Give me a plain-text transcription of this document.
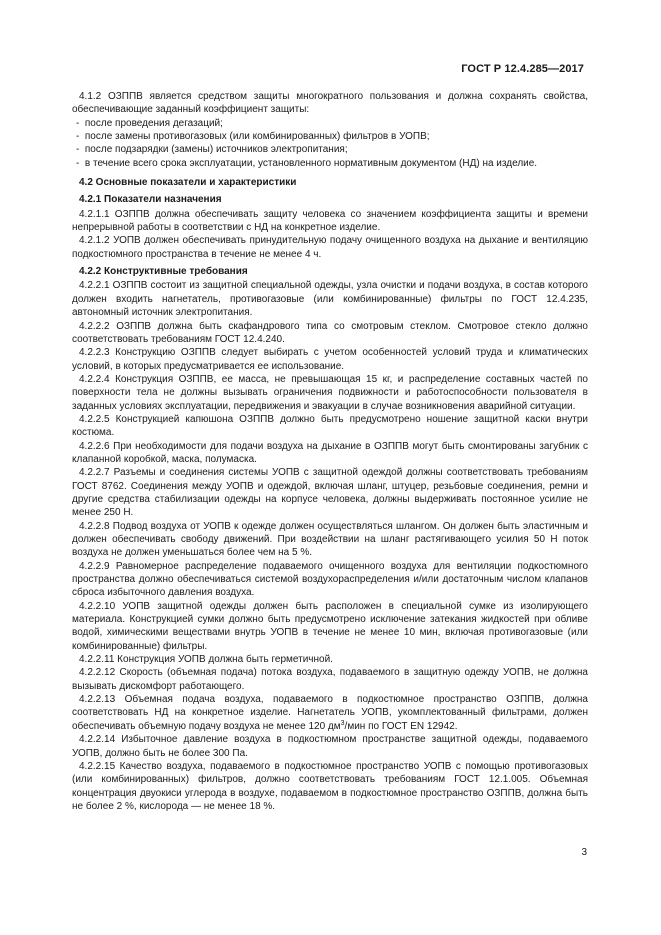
ГОСТ Р 12.4.285—2017

4.1.2 ОЗППВ является средством защиты многократного пользования и должна сохранять свойства, обеспечивающие заданный коэффициент защиты:

-  после проведения дегазаций;
-  после замены противогазовых (или комбинированных) фильтров в УОПВ;
-  после подзарядки (замены) источников электропитания;
-  в течение всего срока эксплуатации, установленного нормативным документом (НД) на изделие.

4.2 Основные показатели и характеристики

4.2.1 Показатели назначения

4.2.1.1 ОЗППВ должна обеспечивать защиту человека со значением коэффициента защиты и времени непрерывной работы в соответствии с НД на конкретное изделие.

4.2.1.2 УОПВ должен обеспечивать принудительную подачу очищенного воздуха на дыхание и вентиляцию подкостюмного пространства в течение не менее 4 ч.

4.2.2 Конструктивные требования

4.2.2.1 ОЗППВ состоит из защитной специальной одежды, узла очистки и подачи воздуха, в состав которого должен входить нагнетатель, противогазовые (или комбинированные) фильтры по ГОСТ 12.4.235, автономный источник электропитания.

4.2.2.2 ОЗППВ должна быть скафандрового типа со смотровым стеклом. Смотровое стекло должно соответствовать требованиям ГОСТ 12.4.240.

4.2.2.3 Конструкцию ОЗППВ следует выбирать с учетом особенностей условий труда и климатических условий, в которых предусматривается ее использование.

4.2.2.4 Конструкция ОЗППВ, ее масса, не превышающая 15 кг, и распределение составных частей по поверхности тела не должны вызывать ограничения подвижности и работоспособности пользователя в заданных условиях эксплуатации, передвижения и эвакуации в случае возникновения аварийной ситуации.

4.2.2.5 Конструкцией капюшона ОЗППВ должно быть предусмотрено ношение защитной каски внутри костюма.

4.2.2.6 При необходимости для подачи воздуха на дыхание в ОЗППВ могут быть смонтированы загубник с клапанной коробкой, маска, полумаска.

4.2.2.7 Разъемы и соединения системы УОПВ с защитной одеждой должны соответствовать требованиям ГОСТ 8762. Соединения между УОПВ и одеждой, включая шланг, штуцер, резьбовые соединения, ремни и другие средства стабилизации одежды на корпусе человека, должны выдерживать постоянное усилие не менее 250 Н.

4.2.2.8 Подвод воздуха от УОПВ к одежде должен осуществляться шлангом. Он должен быть эластичным и должен обеспечивать свободу движений. При воздействии на шланг растягивающего усилия 50 Н поток воздуха не должен уменьшаться более чем на 5 %.

4.2.2.9 Равномерное распределение подаваемого очищенного воздуха для вентиляции подкостюмного пространства должно обеспечиваться системой воздухораспределения и/или достаточным числом клапанов сброса избыточного давления воздуха.

4.2.2.10 УОПВ защитной одежды должен быть расположен в специальной сумке из изолирующего материала. Конструкцией сумки должно быть предусмотрено исключение затекания жидкостей при обливе водой, химическими веществами внутрь УОПВ в течение не менее 10 мин, включая противогазовые (или комбинированные) фильтры.

4.2.2.11 Конструкция УОПВ должна быть герметичной.

4.2.2.12 Скорость (объемная подача) потока воздуха, подаваемого в защитную одежду УОПВ, не должна вызывать дискомфорт работающего.

4.2.2.13 Объемная подача воздуха, подаваемого в подкостюмное пространство ОЗППВ, должна соответствовать НД на конкретное изделие. Нагнетатель УОПВ, укомплектованный фильтрами, должен обеспечивать объемную подачу воздуха не менее 120 $дм^3$/мин по ГОСТ EN 12942.

4.2.2.14 Избыточное давление воздуха в подкостюмном пространстве защитной одежды, подаваемого УОПВ, должно быть не более 300 Па.

4.2.2.15 Качество воздуха, подаваемого в подкостюмное пространство УОПВ с помощью противогазовых (или комбинированных) фильтров, должно соответствовать требованиям ГОСТ 12.1.005. Объемная концентрация двуокиси углерода в воздухе, подаваемом в подкостюмное пространство ОЗППВ, должна быть не более 2 %, кислорода — не менее 18 %.

3
